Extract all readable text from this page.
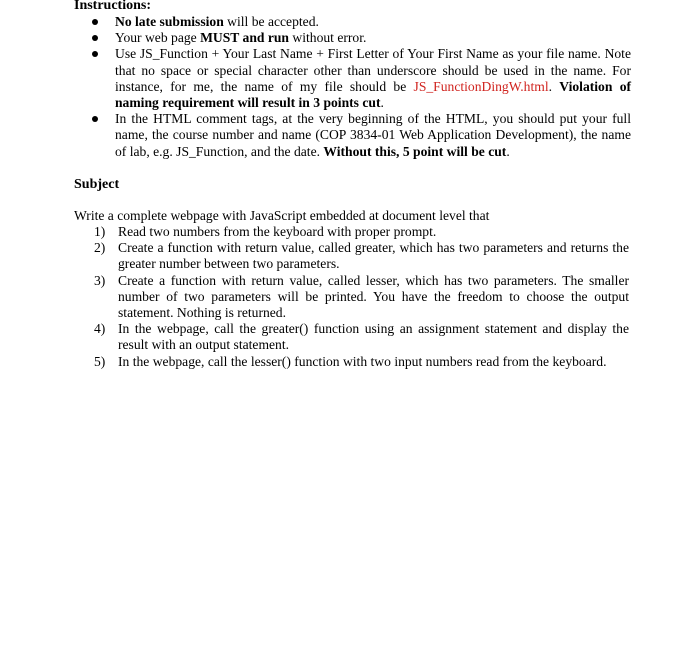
Instructions:
No late submission will be accepted.
Your web page MUST and run without error.
Use JS_Function + Your Last Name + First Letter of Your First Name as your file name. Note that no space or special character other than underscore should be used in the name. For instance, for me, the name of my file should be JS_FunctionDingW.html. Violation of naming requirement will result in 3 points cut.
In the HTML comment tags, at the very beginning of the HTML, you should put your full name, the course number and name (COP 3834-01 Web Application Development), the name of lab, e.g. JS_Function, and the date. Without this, 5 point will be cut.
Subject
Write a complete webpage with JavaScript embedded at document level that
1) Read two numbers from the keyboard with proper prompt.
2) Create a function with return value, called greater, which has two parameters and returns the greater number between two parameters.
3) Create a function with return value, called lesser, which has two parameters. The smaller number of two parameters will be printed. You have the freedom to choose the output statement. Nothing is returned.
4) In the webpage, call the greater() function using an assignment statement and display the result with an output statement.
5) In the webpage, call the lesser() function with two input numbers read from the keyboard.
